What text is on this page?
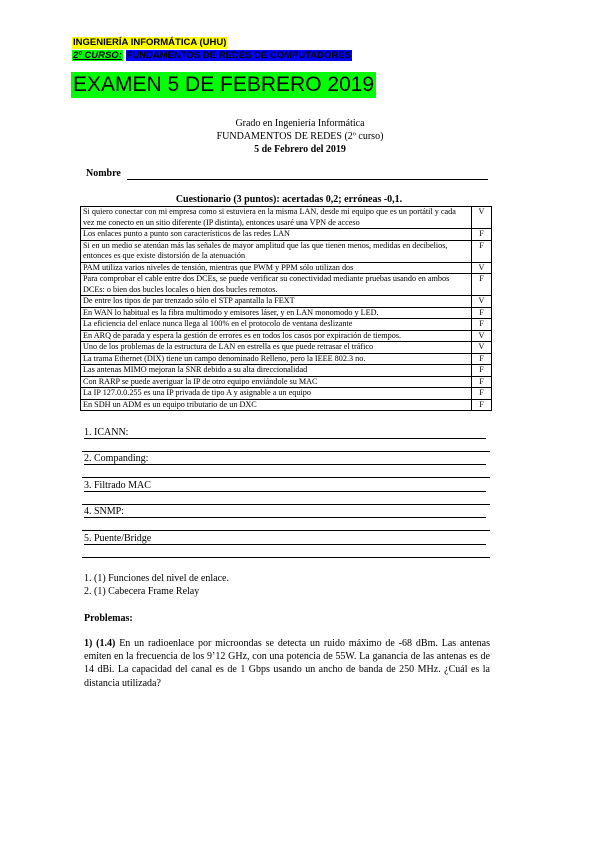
INGENIERÍA INFORMÁTICA (UHU)
2º CURSO: FUNDAMENTOS DE REDES DE COMPUTADORES
EXAMEN 5 DE FEBRERO 2019
Grado en Ingeniería Informática
FUNDAMENTOS DE REDES (2º curso)
5 de Febrero del 2019
Nombre
Cuestionario (3 puntos): acertadas 0,2; erróneas -0,1.
Si quiero conectar con mi empresa como si estuviera en la misma LAN, desde mi equipo que es un portátil y cada vez me conecto en un sitio diferente (IP distinta), entonces usaré una VPN de acceso	V
Los enlaces punto a punto son característicos de las redes LAN	F
Si en un medio se atenúan más las señales de mayor amplitud que las que tienen menos, medidas en decibelios, entonces es que existe distorsión de la atenuación	F
PAM utiliza varios niveles de tensión, mientras que PWM y PPM sólo utilizan dos	V
Para comprobar el cable entre dos DCEs, se puede verificar su conectividad mediante pruebas usando en ambos DCEs: o bien dos bucles locales o bien dos bucles remotos.	F
De entre los tipos de par trenzado sólo el STP apantalla la FEXT	V
En WAN lo habitual es la fibra multimodo y emisores láser, y en LAN monomodo y LED.	F
La eficiencia del enlace nunca llega al 100% en el protocolo de ventana deslizante	F
En ARQ de parada y espera la gestión de errores es en todos los casos por expiración de tiempos.	V
Uno de los problemas de la estructura de LAN en estrella es que puede retrasar el tráfico	V
La trama Ethernet (DIX) tiene un campo denominado Relleno, pero la IEEE 802.3 no.	F
Las antenas MIMO mejoran la SNR debido a su alta direccionalidad	F
Con RARP se puede averiguar la IP de otro equipo enviándole su MAC	F
La IP 127.0.0.255 es una IP privada de tipo A y asignable a un equipo	F
En SDH un ADM es un equipo tributario de un DXC	F
1. ICANN:
2. Companding:
3. Filtrado MAC
4. SNMP:
5. Puente/Bridge
1. (1) Funciones del nivel de enlace.
2. (1) Cabecera Frame Relay
Problemas:
1) (1.4) En un radioenlace por microondas se detecta un ruido máximo de -68 dBm. Las antenas emiten en la frecuencia de los 9’12 GHz, con una potencia de 55W. La ganancia de las antenas es de 14 dBi. La capacidad del canal es de 1 Gbps usando un ancho de banda de 250 MHz. ¿Cuál es la distancia utilizada?
